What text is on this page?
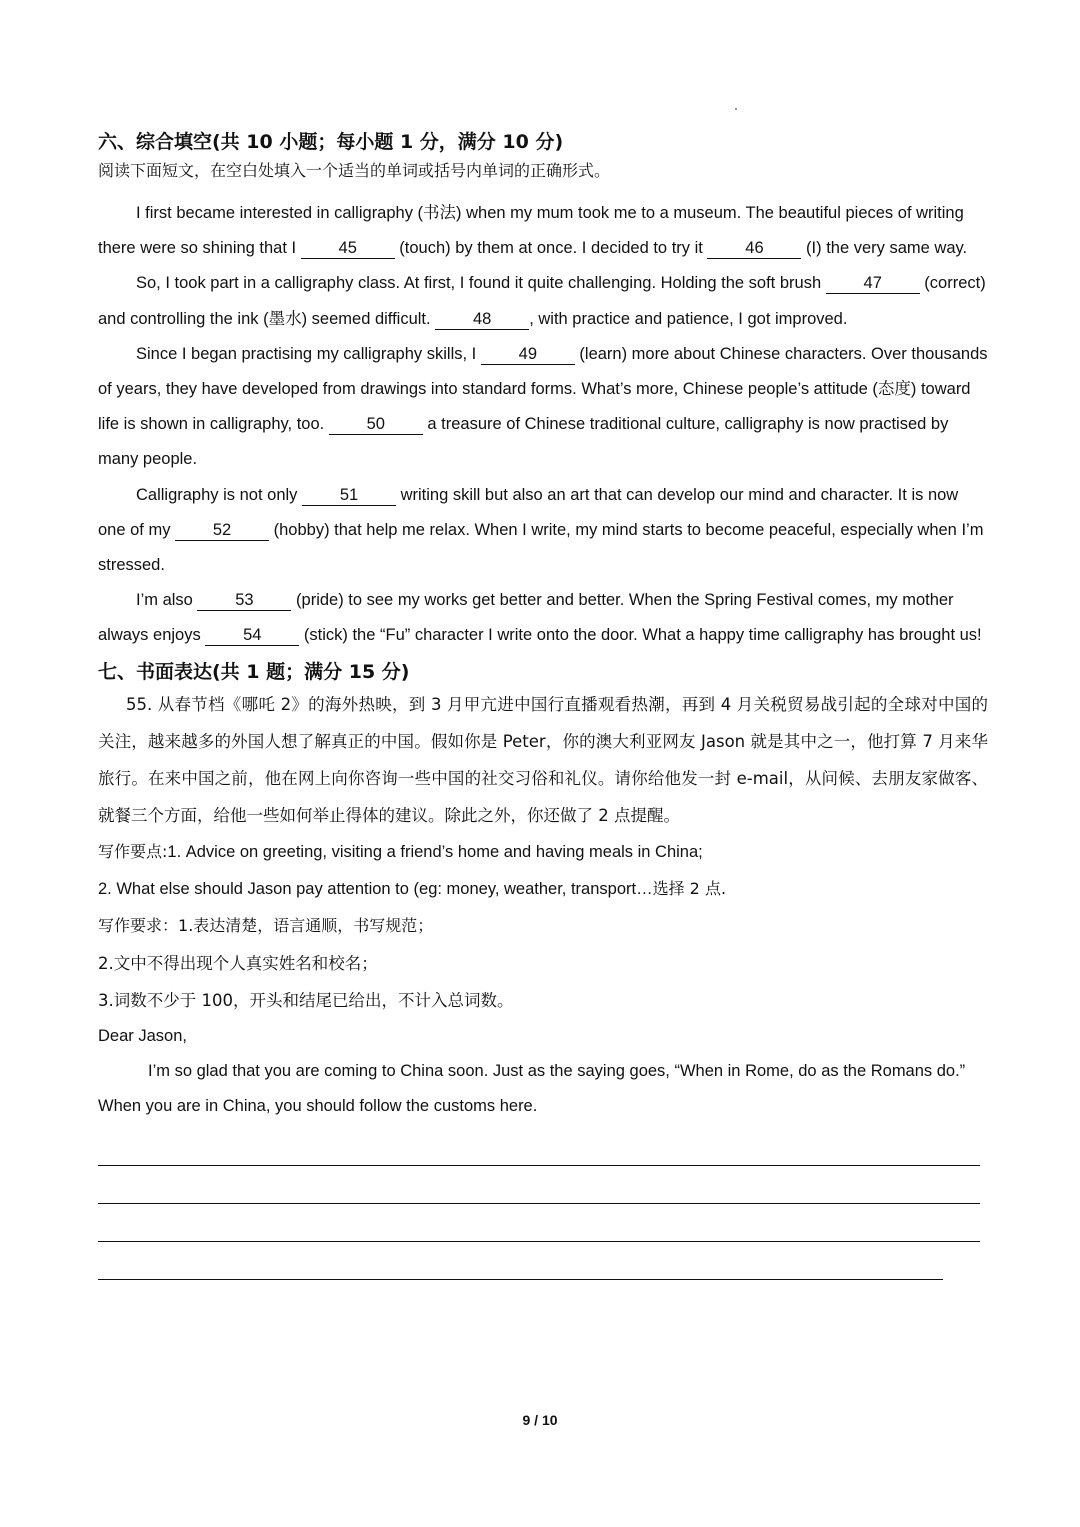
六、综合填空(共 10 小题；每小题 1 分，满分 10 分)
阅读下面短文，在空白处填入一个适当的单词或括号内单词的正确形式。

I first became interested in calligraphy (书法) when my mum took me to a museum. The beautiful pieces of writing there were so shining that I 45 (touch) by them at once. I decided to try it 46 (I) the very same way.

So, I took part in a calligraphy class. At first, I found it quite challenging. Holding the soft brush 47 (correct) and controlling the ink (墨水) seemed difficult. 48 , with practice and patience, I got improved.

Since I began practising my calligraphy skills, I 49 (learn) more about Chinese characters. Over thousands of years, they have developed from drawings into standard forms. What’s more, Chinese people’s attitude (态度) toward life is shown in calligraphy, too. 50 a treasure of Chinese traditional culture, calligraphy is now practised by many people.

Calligraphy is not only 51 writing skill but also an art that can develop our mind and character. It is now one of my 52 (hobby) that help me relax. When I write, my mind starts to become peaceful, especially when I’m stressed.

I’m also 53 (pride) to see my works get better and better. When the Spring Festival comes, my mother always enjoys 54 (stick) the “Fu” character I write onto the door. What a happy time calligraphy has brought us!

七、书面表达(共 1 题；满分 15 分)

55. 从春节档《哪吒 2》的海外热映，到 3 月甲亢进中国行直播观看热潮，再到 4 月关税贸易战引起的全球对中国的关注，越来越多的外国人想了解真正的中国。假如你是 Peter，你的澳大利亚网友 Jason 就是其中之一，他打算 7 月来华旅行。在来中国之前，他在网上向你咨询一些中国的社交习俗和礼仪。请你给他发一封 e-mail，从问候、去朋友家做客、就餐三个方面，给他一些如何举止得体的建议。除此之外，你还做了 2 点提醒。

写作要点:1. Advice on greeting, visiting a friend’s home and having meals in China;

2. What else should Jason pay attention to (eg: money, weather, transport…选择 2 点.

写作要求：1.表达清楚，语言通顺，书写规范；

2.文中不得出现个人真实姓名和校名；

3.词数不少于 100，开头和结尾已给出，不计入总词数。

Dear Jason,

I’m so glad that you are coming to China soon. Just as the saying goes, “When in Rome, do as the Romans do.” When you are in China, you should follow the customs here.

9 / 10
